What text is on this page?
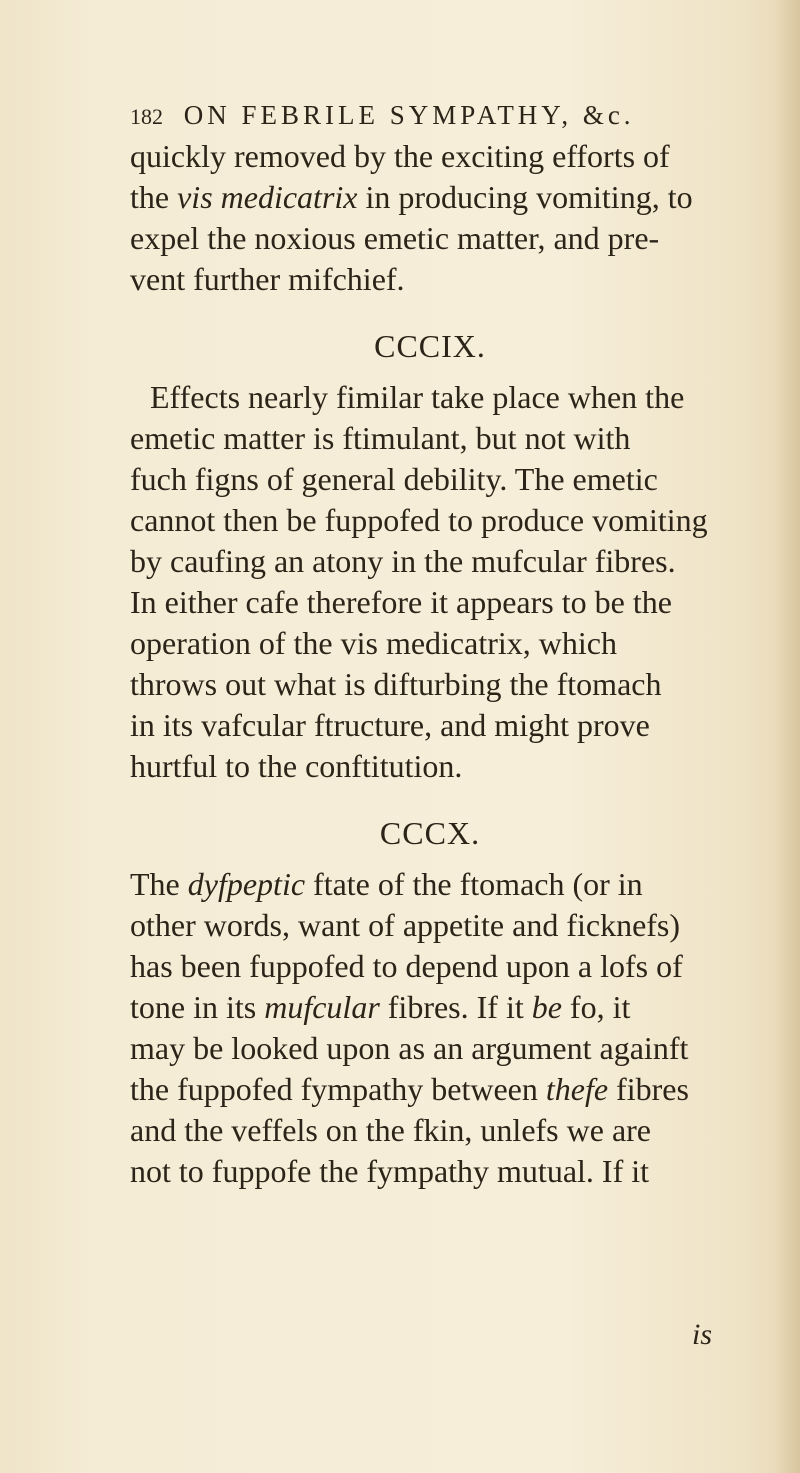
182 ON FEBRILE SYMPATHY, &c.
quickly removed by the exciting efforts of
the vis medicatrix in producing vomiting, to
expel the noxious emetic matter, and pre-
vent further mifchief.
CCCIX.
Effects nearly fimilar take place when the
emetic matter is ftimulant, but not with
fuch figns of general debility. The emetic
cannot then be fuppofed to produce vomiting
by caufing an atony in the mufcular fibres.
In either cafe therefore it appears to be the
operation of the vis medicatrix, which
throws out what is difturbing the ftomach
in its vafcular ftructure, and might prove
hurtful to the conftitution.
CCCX.
The dyfpeptic ftate of the ftomach (or in
other words, want of appetite and ficknefs)
has been fuppofed to depend upon a lofs of
tone in its mufcular fibres. If it be fo, it
may be looked upon as an argument againft
the fuppofed fympathy between thefe fibres
and the veffels on the fkin, unlefs we are
not to fuppofe the fympathy mutual. If it
is
